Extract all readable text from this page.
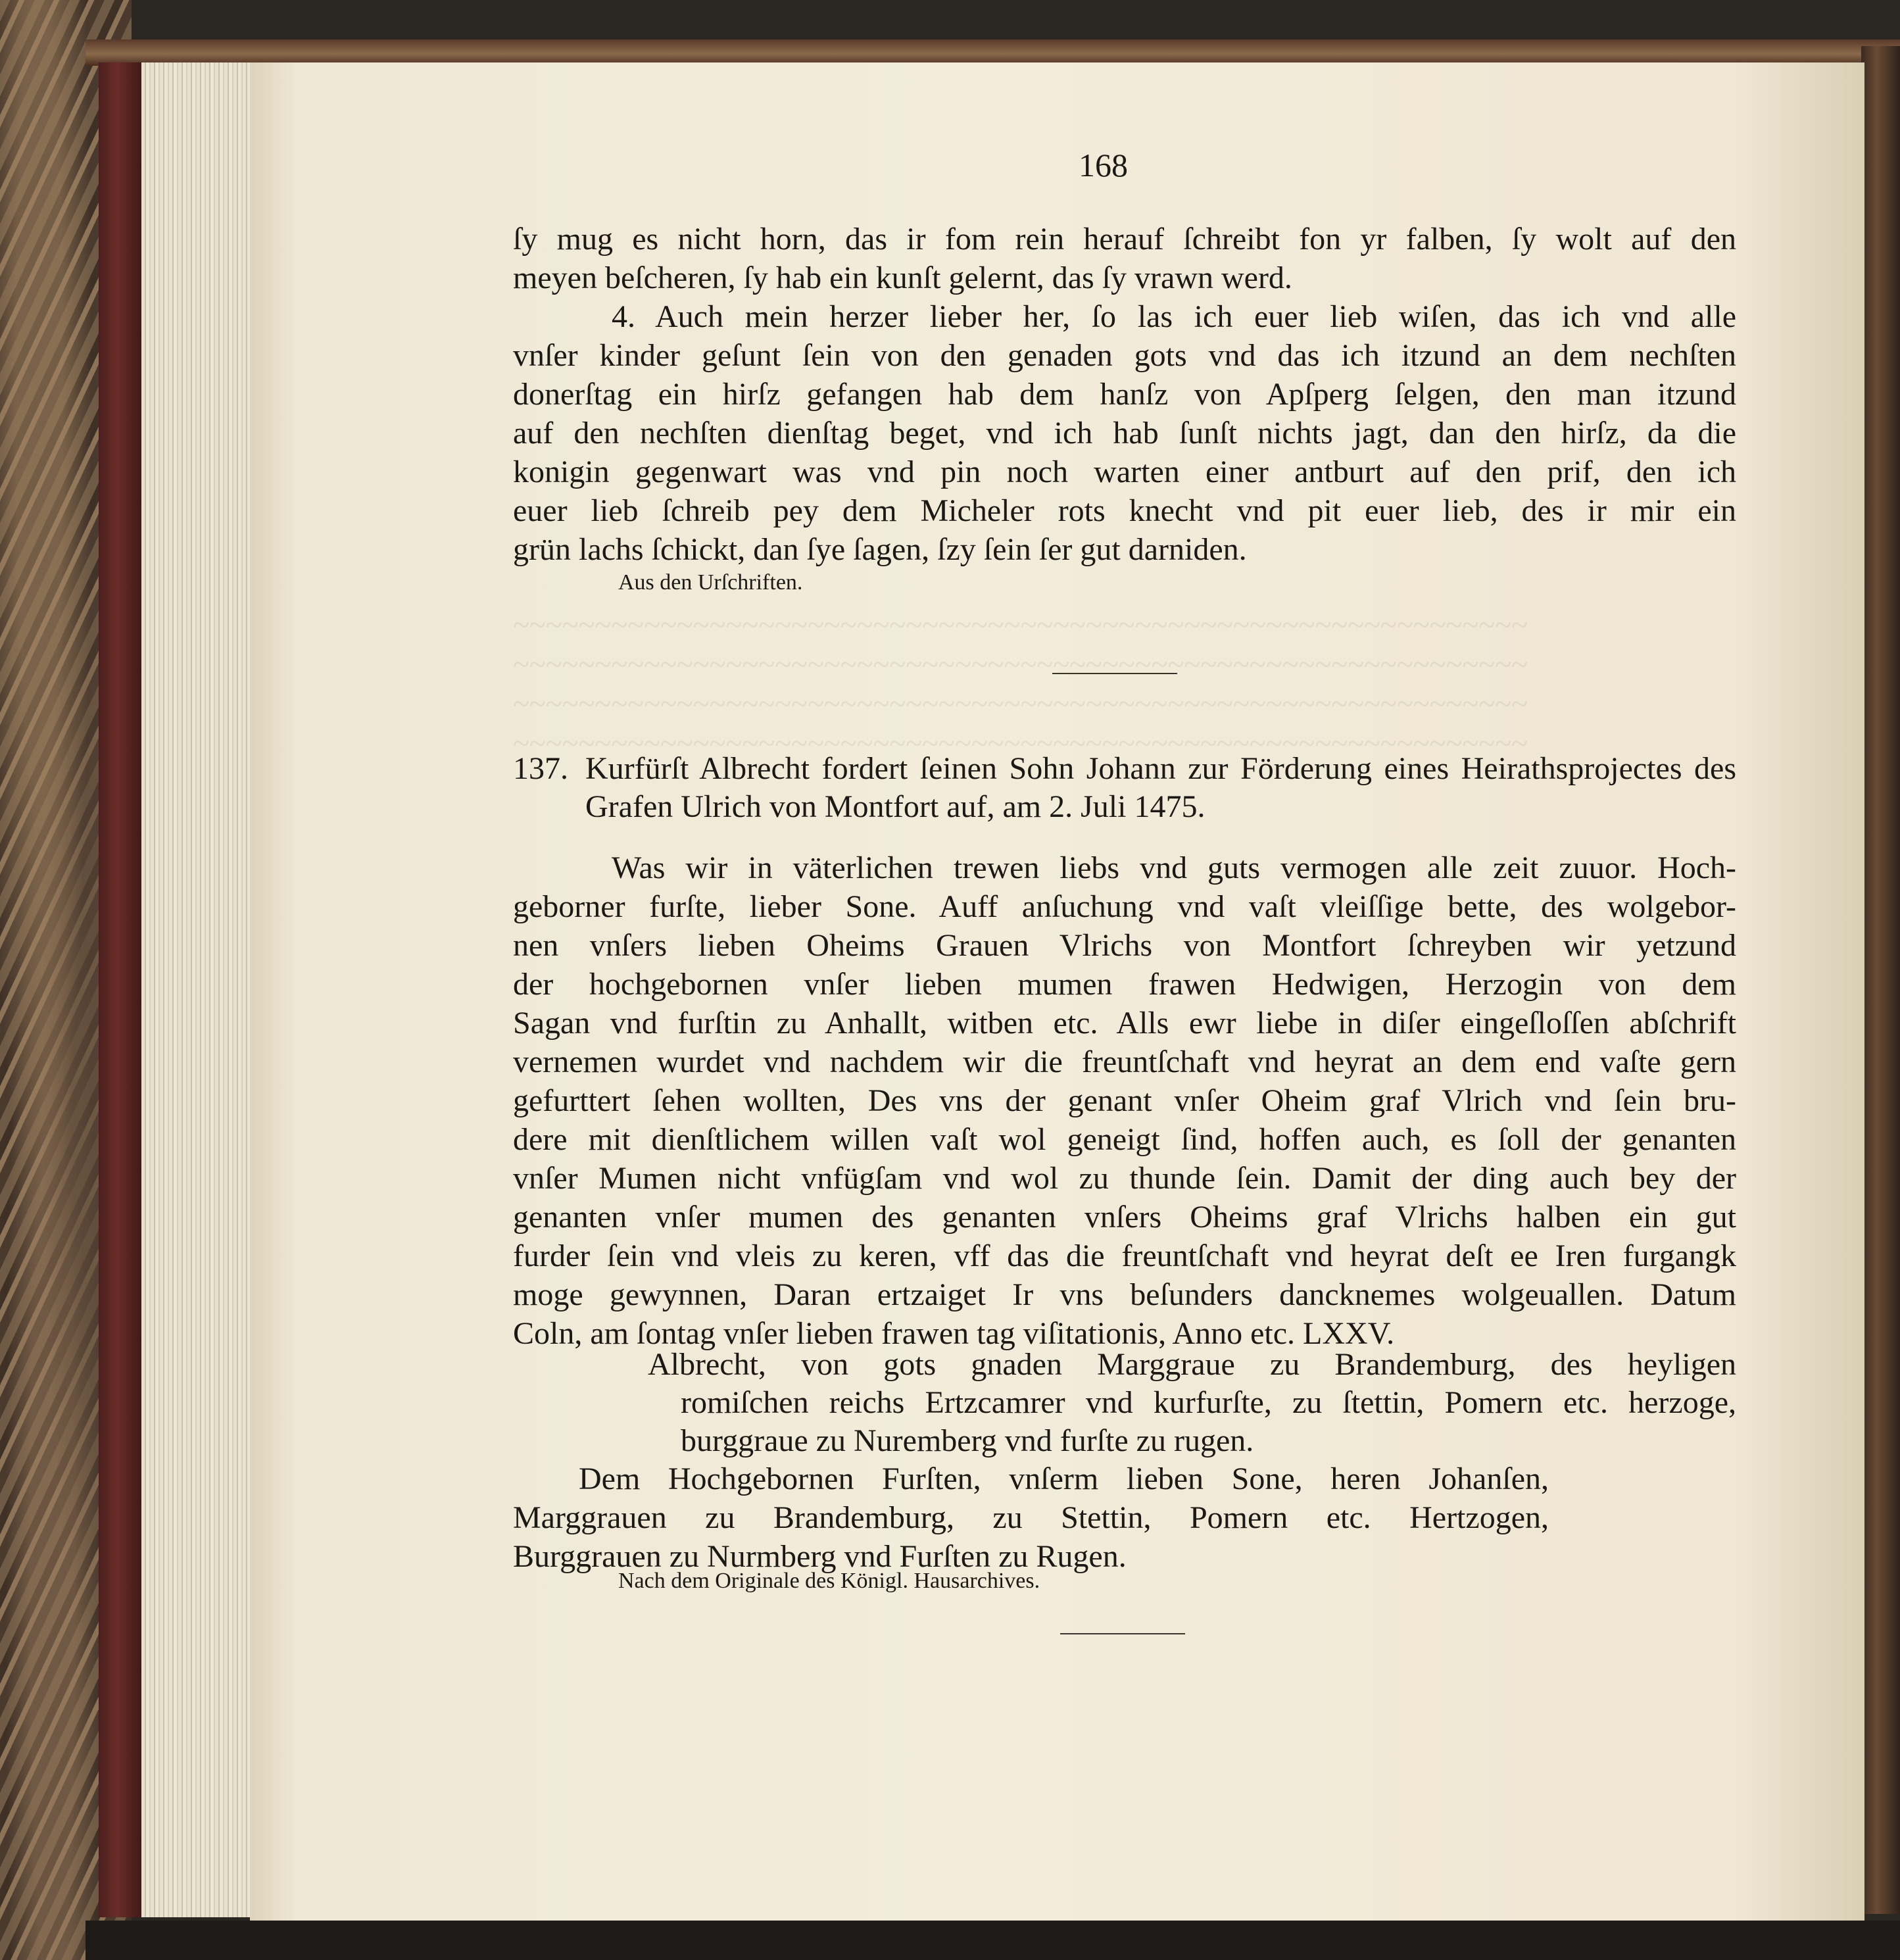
168
ſy mug es nicht horn, das ir fom rein herauf ſchreibt fon yr falben, ſy wolt auf den
meyen beſcheren, ſy hab ein kunſt gelernt, das ſy vrawn werd.
4. Auch mein herzer lieber her, ſo las ich euer lieb wiſen, das ich vnd alle
vnſer kinder geſunt ſein von den genaden gots vnd das ich itzund an dem nechſten
donerſtag ein hirſz gefangen hab dem hanſz von Apſperg ſelgen, den man itzund
auf den nechſten dienſtag beget, vnd ich hab ſunſt nichts jagt, dan den hirſz, da die
konigin gegenwart was vnd pin noch warten einer antburt auf den prif, den ich
euer lieb ſchreib pey dem Micheler rots knecht vnd pit euer lieb, des ir mir ein
grün lachs ſchickt, dan ſye ſagen, ſzy ſein ſer gut darniden.
Aus den Urſchriften.
137. Kurfürſt Albrecht fordert ſeinen Sohn Johann zur Förderung eines Heirathsprojectes des
Grafen Ulrich von Montfort auf, am 2. Juli 1475.
Was wir in väterlichen trewen liebs vnd guts vermogen alle zeit zuuor. Hoch-
geborner furſte, lieber Sone. Auff anſuchung vnd vaſt vleiſſige bette, des wolgebor-
nen vnſers lieben Oheims Grauen Vlrichs von Montfort ſchreyben wir yetzund
der hochgebornen vnſer lieben mumen frawen Hedwigen, Herzogin von dem
Sagan vnd furſtin zu Anhallt, witben etc. Alls ewr liebe in diſer eingeſloſſen abſchrift
vernemen wurdet vnd nachdem wir die freuntſchaft vnd heyrat an dem end vaſte gern
gefurttert ſehen wollten, Des vns der genant vnſer Oheim graf Vlrich vnd ſein bru-
dere mit dienſtlichem willen vaſt wol geneigt ſind, hoffen auch, es ſoll der genanten
vnſer Mumen nicht vnfügſam vnd wol zu thunde ſein. Damit der ding auch bey der
genanten vnſer mumen des genanten vnſers Oheims graf Vlrichs halben ein gut
furder ſein vnd vleis zu keren, vff das die freuntſchaft vnd heyrat deſt ee Iren furgangk
moge gewynnen, Daran ertzaiget Ir vns beſunders dancknemes wolgeuallen. Datum
Coln, am ſontag vnſer lieben frawen tag viſitationis, Anno etc. LXXV.
Albrecht, von gots gnaden Marggraue zu Brandemburg, des heyligen
romiſchen reichs Ertzcamrer vnd kurfurſte, zu ſtettin, Pomern etc. herzoge,
burggraue zu Nuremberg vnd furſte zu rugen.
Dem Hochgebornen Furſten, vnſerm lieben Sone, heren Johanſen,
Marggrauen zu Brandemburg, zu Stettin, Pomern etc. Hertzogen,
Burggrauen zu Nurmberg vnd Furſten zu Rugen.
Nach dem Originale des Königl. Hausarchives.
